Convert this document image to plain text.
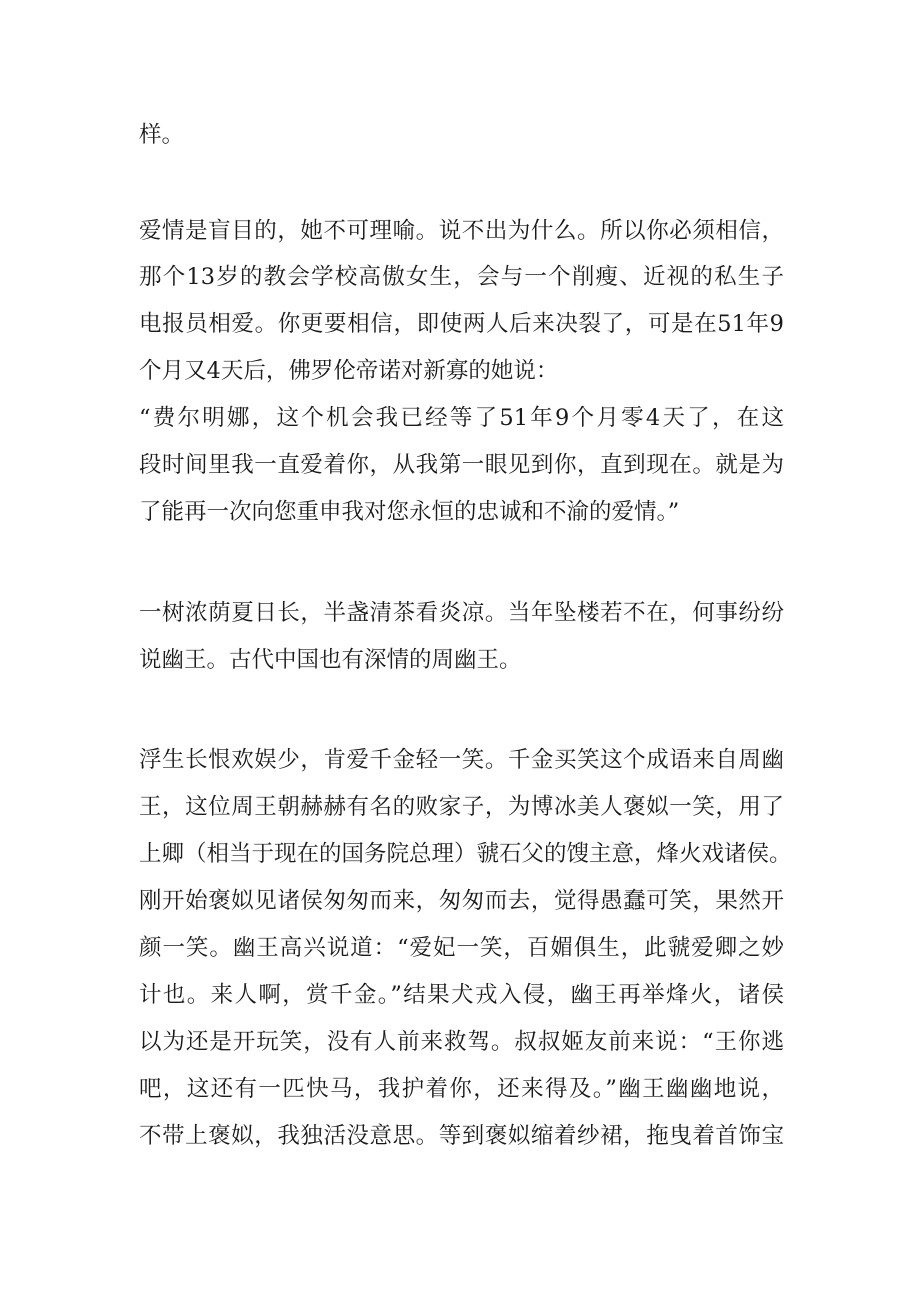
样。
爱情是盲目的，她不可理喻。说不出为什么。所以你必须相信，
那个13岁的教会学校高傲女生，会与一个削瘦、近视的私生子
电报员相爱。你更要相信，即使两人后来决裂了，可是在51年9
个月又4天后，佛罗伦帝诺对新寡的她说：
“费尔明娜，这个机会我已经等了51年9个月零4天了，在这
段时间里我一直爱着你，从我第一眼见到你，直到现在。就是为
了能再一次向您重申我对您永恒的忠诚和不渝的爱情。”
一树浓荫夏日长，半盏清茶看炎凉。当年坠楼若不在，何事纷纷
说幽王。古代中国也有深情的周幽王。
浮生长恨欢娱少，肯爱千金轻一笑。千金买笑这个成语来自周幽
王，这位周王朝赫赫有名的败家子，为博冰美人褒姒一笑，用了
上卿（相当于现在的国务院总理）虢石父的馊主意，烽火戏诸侯。
刚开始褒姒见诸侯匆匆而来，匆匆而去，觉得愚蠢可笑，果然开
颜一笑。幽王高兴说道：“爱妃一笑，百媚俱生，此虢爱卿之妙
计也。来人啊，赏千金。”结果犬戎入侵，幽王再举烽火，诸侯
以为还是开玩笑，没有人前来救驾。叔叔姬友前来说：“王你逃
吧，这还有一匹快马，我护着你，还来得及。”幽王幽幽地说，
不带上褒姒，我独活没意思。等到褒姒缩着纱裙，拖曳着首饰宝
